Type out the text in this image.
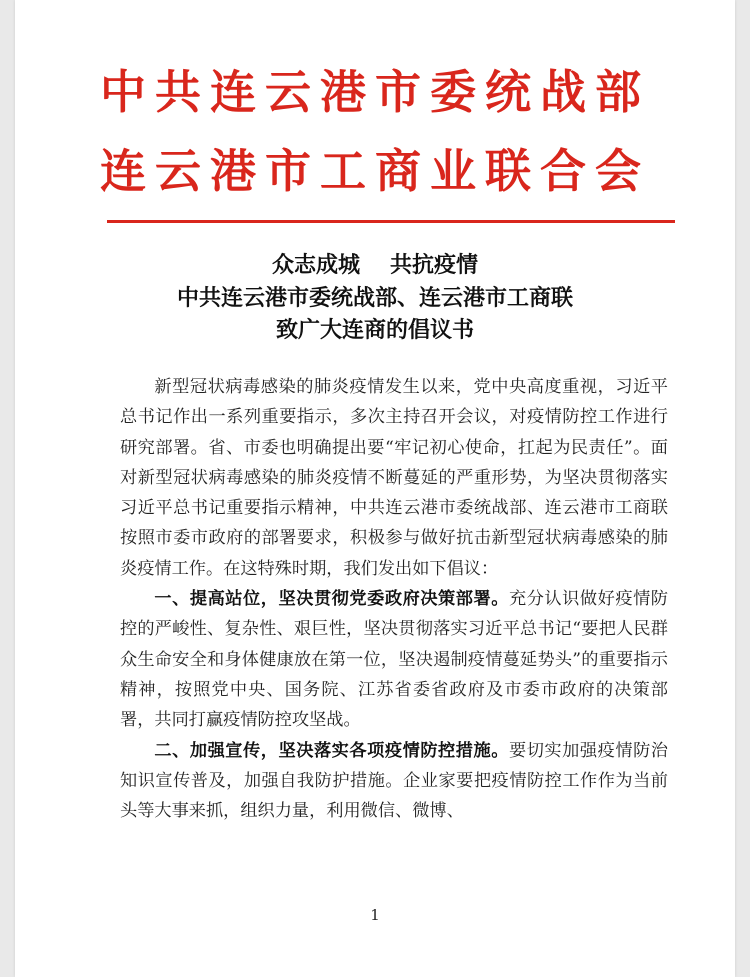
中共连云港市委统战部
连云港市工商业联合会
众志成城 共抗疫情
中共连云港市委统战部、连云港市工商联
致广大连商的倡议书

新型冠状病毒感染的肺炎疫情发生以来，党中央高度重视，习近平总书记作出一系列重要指示，多次主持召开会议，对疫情防控工作进行研究部署。省、市委也明确提出要“牢记初心使命，扛起为民责任”。面对新型冠状病毒感染的肺炎疫情不断蔓延的严重形势，为坚决贯彻落实习近平总书记重要指示精神，中共连云港市委统战部、连云港市工商联按照市委市政府的部署要求，积极参与做好抗击新型冠状病毒感染的肺炎疫情工作。在这特殊时期，我们发出如下倡议：

一、提高站位，坚决贯彻党委政府决策部署。充分认识做好疫情防控的严峻性、复杂性、艰巨性，坚决贯彻落实习近平总书记“要把人民群众生命安全和身体健康放在第一位，坚决遏制疫情蔓延势头”的重要指示精神，按照党中央、国务院、江苏省委省政府及市委市政府的决策部署，共同打赢疫情防控攻坚战。

二、加强宣传，坚决落实各项疫情防控措施。要切实加强疫情防治知识宣传普及，加强自我防护措施。企业家要把疫情防控工作作为当前头等大事来抓，组织力量，利用微信、微博、

1
